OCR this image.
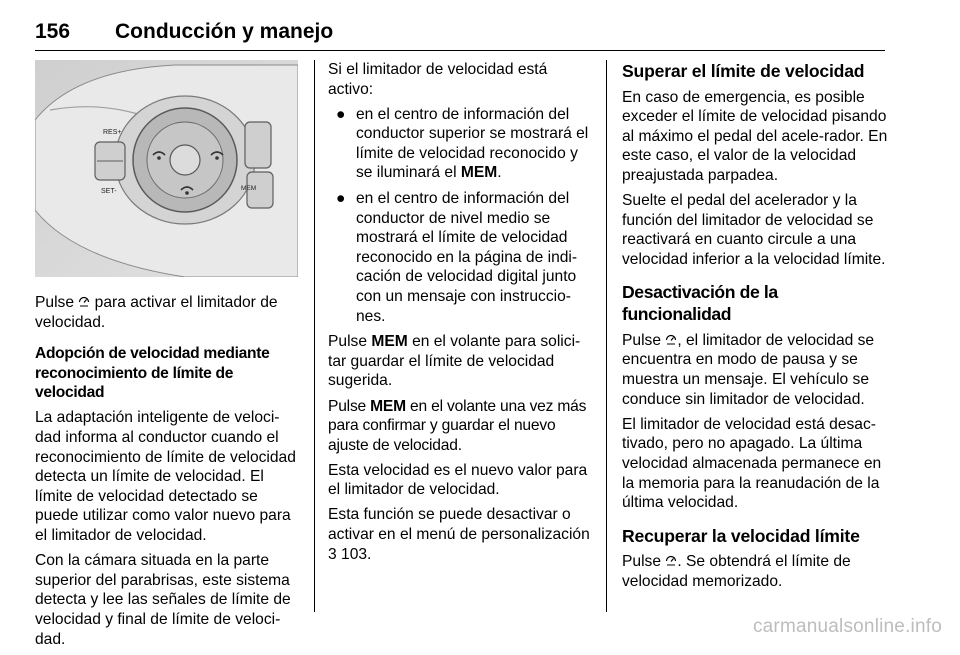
156 Conducción y manejo
RES+
SET-	MEM

Pulse  para activar el limitador de velocidad.

Adopción de velocidad mediante reconocimiento de límite de velocidad

La adaptación inteligente de veloci-dad informa al conductor cuando el reconocimiento de límite de velocidad detecta un límite de velocidad. El límite de velocidad detectado se puede utilizar como valor nuevo para el limitador de velocidad.

Con la cámara situada en la parte superior del parabrisas, este sistema detecta y lee las señales de límite de velocidad y final de límite de veloci-dad.

Si el limitador de velocidad está activo:

● en el centro de información del conductor superior se mostrará el límite de velocidad reconocido y se iluminará el MEM.
● en el centro de información del conductor de nivel medio se mostrará el límite de velocidad reconocido en la página de indi-cación de velocidad digital junto con un mensaje con instruccio-nes.

Pulse MEM en el volante para solici-tar guardar el límite de velocidad sugerida.

Pulse MEM en el volante una vez más para confirmar y guardar el nuevo ajuste de velocidad.

Esta velocidad es el nuevo valor para el limitador de velocidad.

Esta función se puede desactivar o activar en el menú de personalización
3 103.

Superar el límite de velocidad

En caso de emergencia, es posible exceder el límite de velocidad pisando al máximo el pedal del acele-rador. En este caso, el valor de la velocidad preajustada parpadea.

Suelte el pedal del acelerador y la función del limitador de velocidad se reactivará en cuanto circule a una velocidad inferior a la velocidad límite.

Desactivación de la funcionalidad

Pulse , el limitador de velocidad se encuentra en modo de pausa y se muestra un mensaje. El vehículo se conduce sin limitador de velocidad.

El limitador de velocidad está desac-tivado, pero no apagado. La última velocidad almacenada permanece en la memoria para la reanudación de la última velocidad.

Recuperar la velocidad límite

Pulse . Se obtendrá el límite de velocidad memorizado.

carmanualsonline.info
